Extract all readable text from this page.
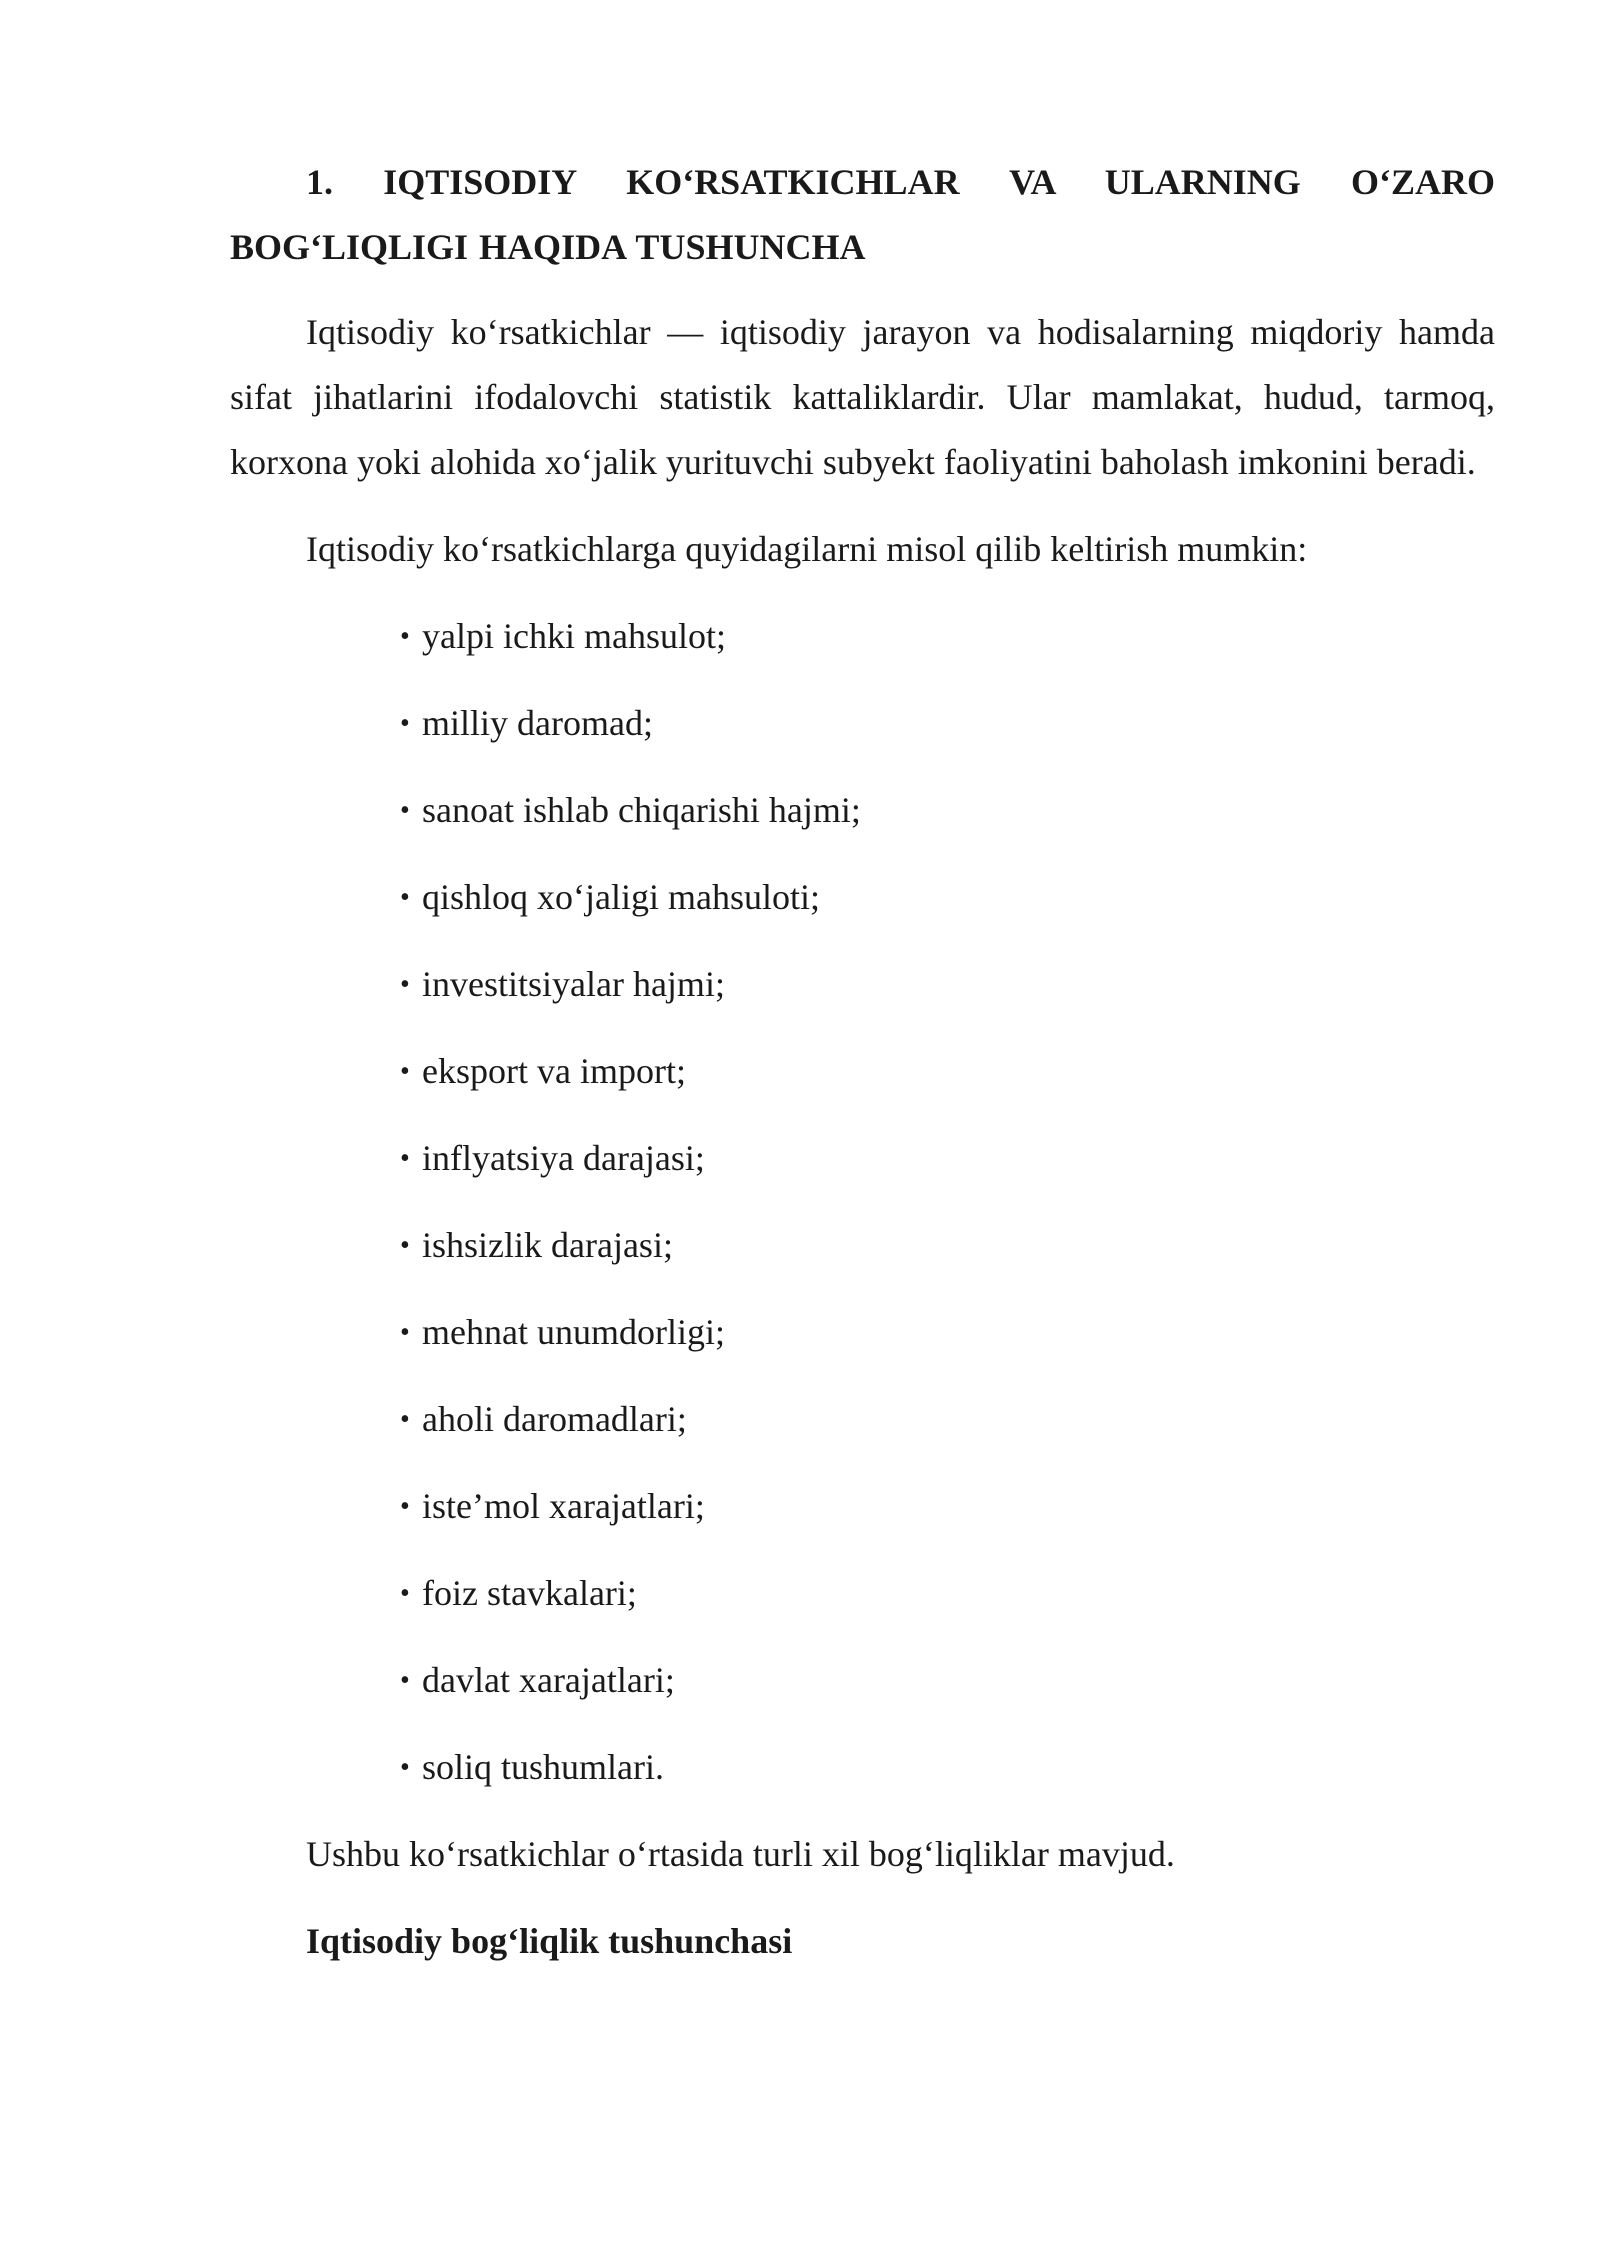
1. IQTISODIY KO‘RSATKICHLAR VA ULARNING O‘ZARO BOG‘LIQLIGI HAQIDA TUSHUNCHA

Iqtisodiy ko‘rsatkichlar — iqtisodiy jarayon va hodisalarning miqdoriy hamda sifat jihatlarini ifodalovchi statistik kattaliklardir. Ular mamlakat, hudud, tarmoq, korxona yoki alohida xo‘jalik yurituvchi subyekt faoliyatini baholash imkonini beradi.

Iqtisodiy ko‘rsatkichlarga quyidagilarni misol qilib keltirish mumkin:

• yalpi ichki mahsulot;
• milliy daromad;
• sanoat ishlab chiqarishi hajmi;
• qishloq xo‘jaligi mahsuloti;
• investitsiyalar hajmi;
• eksport va import;
• inflyatsiya darajasi;
• ishsizlik darajasi;
• mehnat unumdorligi;
• aholi daromadlari;
• iste’mol xarajatlari;
• foiz stavkalari;
• davlat xarajatlari;
• soliq tushumlari.

Ushbu ko‘rsatkichlar o‘rtasida turli xil bog‘liqliklar mavjud.

Iqtisodiy bog‘liqlik tushunchasi
